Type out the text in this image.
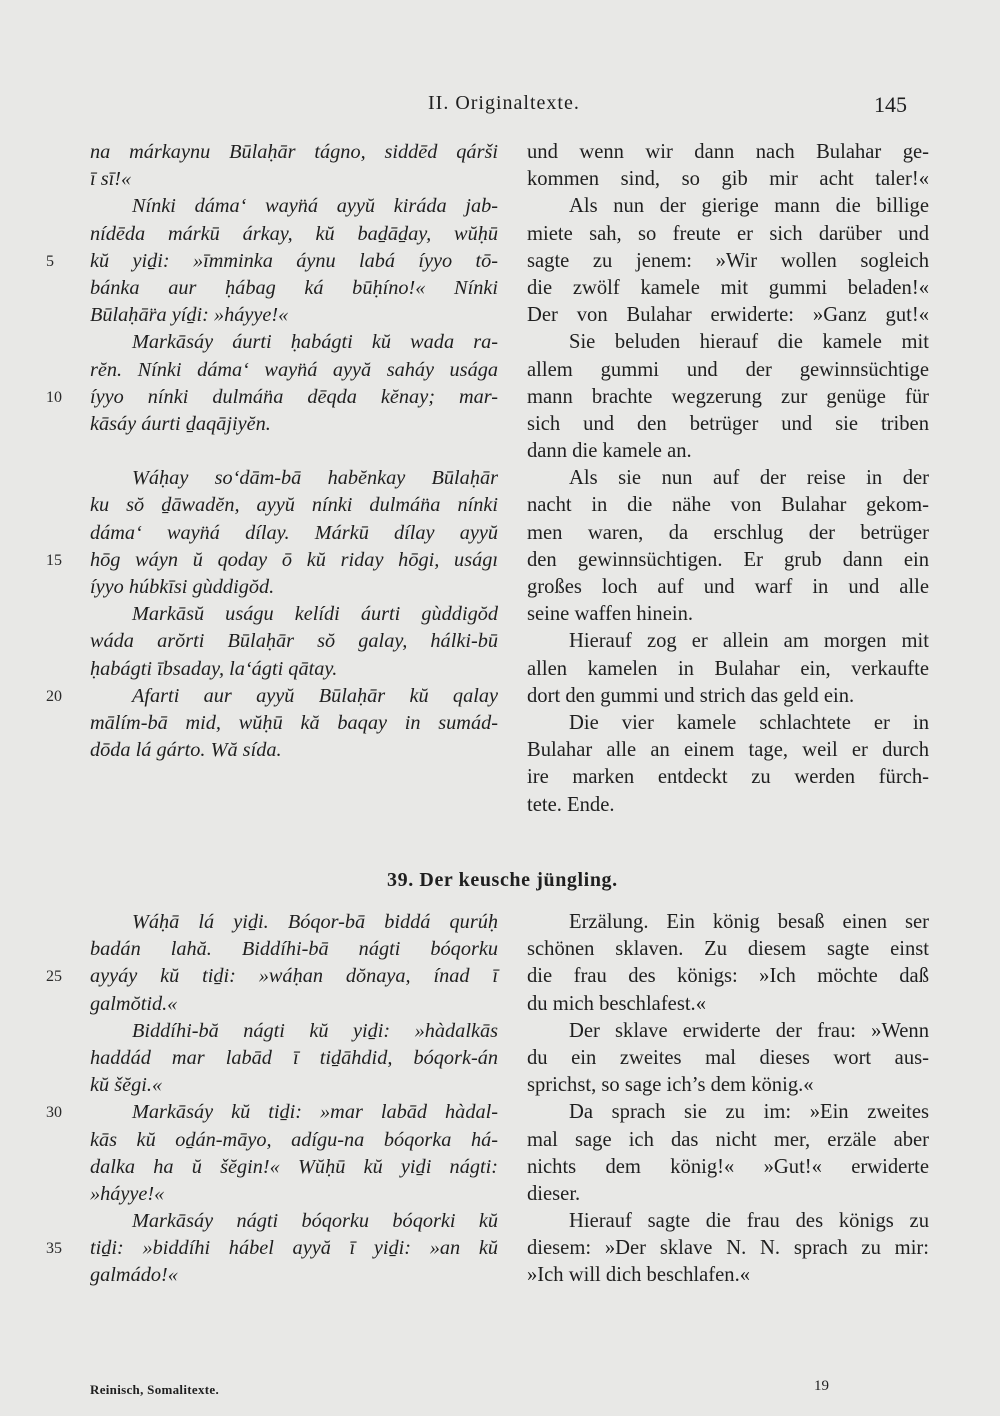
II. Originaltexte.	145
na márkaynu Būlaḥār tágno, siddēd qárši
ī sī!«
Nínki dáma‘ wayn̈á ayyŭ kiráda jab-
nídēda márkū árkay, kŭ baḏāḏay, wŭḥū
kŭ yiḏi: »īmminka áynu labá íyyo tō-
5
bánka aur ḥábag ká būḥíno!« Nínki
Būlaḥār̈a yíḏi: »háyye!«
Markāsáy áurti ḥabágti kŭ wada ra-
rĕn. Nínki dáma‘ wayn̈á ayyă saháy usága
íyyo nínki dulmán̈a dēqda kĕnay; mar-
10
kāsáy áurti ḏaqājiyĕn.
Wáḥay so‘dām-bā habĕnkay Būlaḥār
ku sŏ ḏāwadĕn, ayyŭ nínki dulmán̈a nínki
dáma‘ wayn̈á dílay. Márkū dílay ayyŭ
hōg wáyn ŭ qoday ō kŭ riday hōgi, uságı
15
íyyo húbkīsi gùddigŏd.
Markāsŭ uságu kelídi áurti gùddigŏd
wáda arŏrti Būlaḥār sŏ galay, hálki-bū
ḥabágti ībsaday, la‘ágti qātay.
Afarti aur ayyŭ Būlaḥār kŭ qalay
20
mālím-bā mid, wŭḥū kă baqay in sumád-
dōda lá gárto. Wă sída.
und wenn wir dann nach Bulahar ge-
kommen sind, so gib mir acht taler!«
Als nun der gierige mann die billige
miete sah, so freute er sich darüber und
sagte zu jenem: »Wir wollen sogleich
die zwölf kamele mit gummi beladen!«
Der von Bulahar erwiderte: »Ganz gut!«
Sie beluden hierauf die kamele mit
allem gummi und der gewinnsüchtige
mann brachte wegzerung zur genüge für
sich und den betrüger und sie triben
dann die kamele an.
Als sie nun auf der reise in der
nacht in die nähe von Bulahar gekom-
men waren, da erschlug der betrüger
den gewinnsüchtigen. Er grub dann ein
großes loch auf und warf in und alle
seine waffen hinein.
Hierauf zog er allein am morgen mit
allen kamelen in Bulahar ein, verkaufte
dort den gummi und strich das geld ein.
Die vier kamele schlachtete er in
Bulahar alle an einem tage, weil er durch
ire marken entdeckt zu werden fürch-
tete. Ende.
39. Der keusche jüngling.
Wáḥā lá yiḏi. Bóqor-bā biddá qurúḥ
badán lahă. Biddíhi-bā nágti bóqorku
ayyáy kŭ tiḏi: »wáḥan dŏnaya, ínad ī
25
galmŏtid.«
Biddíhi-bă nágti kŭ yiḏi: »hàdalkās
haddád mar labād ī tiḏāhdid, bóqork-án
kŭ šĕgi.«
Markāsáy kŭ tiḏi: »mar labād hàdal-
30
kās kŭ oḏán-māyo, adígu-na bóqorka há-
dalka ha ŭ šĕgin!« Wŭḥū kŭ yiḏi nágti:
»háyye!«
Markāsáy nágti bóqorku bóqorki kŭ
tiḏi: »biddíhi hábel ayyă ī yiḏi: »an kŭ
35
galmádo!«
Erzälung. Ein könig besaß einen ser
schönen sklaven. Zu diesem sagte einst
die frau des königs: »Ich möchte daß
du mich beschlafest.«
Der sklave erwiderte der frau: »Wenn
du ein zweites mal dieses wort aus-
sprichst, so sage ich’s dem könig.«
Da sprach sie zu im: »Ein zweites
mal sage ich das nicht mer, erzäle aber
nichts dem könig!« »Gut!« erwiderte
dieser.
Hierauf sagte die frau des königs zu
diesem: »Der sklave N. N. sprach zu mir:
»Ich will dich beschlafen.«
Reinisch, Somalitexte.	19
